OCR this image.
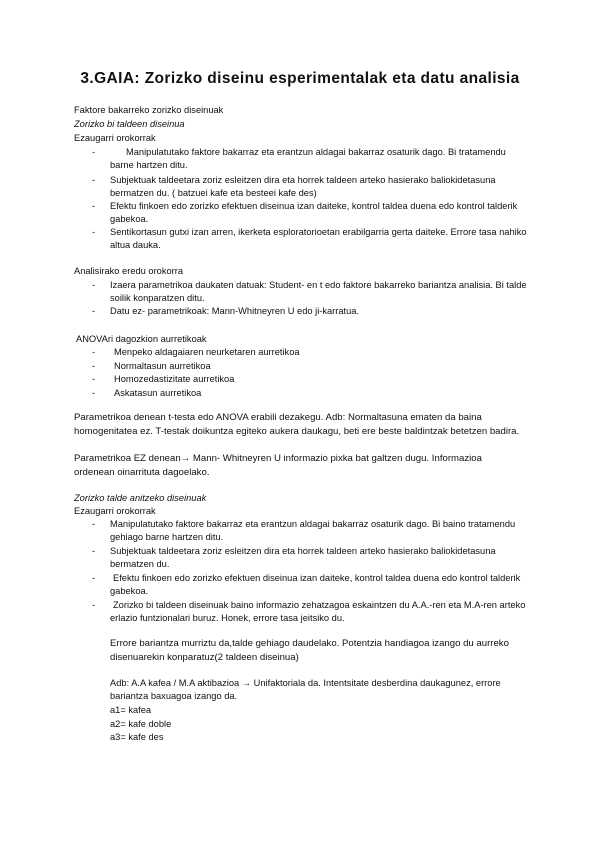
3.GAIA: Zorizko diseinu esperimentalak eta datu analisia
Faktore bakarreko zorizko diseinuak
Zorizko bi taldeen diseinua
Ezaugarri orokorrak
-	Manipulatutako faktore bakarraz eta erantzun aldagai bakarraz osaturik dago. Bi tratamendu barne hartzen ditu.
- Subjektuak taldeetara zoriz esleitzen dira eta horrek taldeen arteko hasierako baliokidetasuna bermatzen du. ( batzuei kafe eta besteei kafe des)
- Efektu finkoen edo zorizko efektuen diseinua izan daiteke, kontrol taldea duena edo kontrol talderik gabekoa.
- Sentikortasun gutxi izan arren, ikerketa esploratorioetan erabilgarria gerta daiteke. Errore tasa nahiko altua dauka.
Analisirako eredu orokorra
- Izaera parametrikoa daukaten datuak: Student- en t edo faktore bakarreko bariantza analisia. Bi talde soilik konparatzen ditu.
- Datu ez- parametrikoak: Mann-Whitneyren U edo ji-karratua.
ANOVAri dagozkion aurretikoak
- Menpeko aldagaiaren neurketaren aurretikoa
- Normaltasun aurretikoa
- Homozedastizitate aurretikoa
- Askatasun aurretikoa
Parametrikoa denean t-testa edo ANOVA erabili dezakegu. Adb: Normaltasuna ematen da baina homogenitatea ez. T-testak doikuntza egiteko aukera daukagu, beti ere beste baldintzak betetzen badira.
Parametrikoa EZ denean→ Mann- Whitneyren U informazio pixka bat galtzen dugu. Informazioa ordenean oinarrituta dagoelako.
Zorizko talde anitzeko diseinuak
Ezaugarri orokorrak
- Manipulatutako faktore bakarraz eta erantzun aldagai bakarraz osaturik dago. Bi baino tratamendu gehiago barne hartzen ditu.
- Subjektuak taldeetara zoriz esleitzen dira eta horrek taldeen arteko hasierako baliokidetasuna bermatzen du.
-	Efektu finkoen edo zorizko efektuen diseinua izan daiteke, kontrol taldea duena edo kontrol talderik gabekoa.
-	Zorizko bi taldeen diseinuak baino informazio zehatzagoa eskaintzen du A.A.-ren eta M.A-ren arteko erlazio funtzionalari buruz. Honek, errore tasa jeitsiko du.
Errore bariantza murriztu da,talde gehiago daudelako. Potentzia handiagoa izango du aurreko disenuarekin konparatuz(2 taldeen diseinua)
Adb: A.A kafea / M.A aktibazioa → Unifaktoriala da. Intentsitate desberdina daukagunez, errore bariantza baxuagoa izango da.
a1= kafea
a2= kafe doble
a3= kafe des
